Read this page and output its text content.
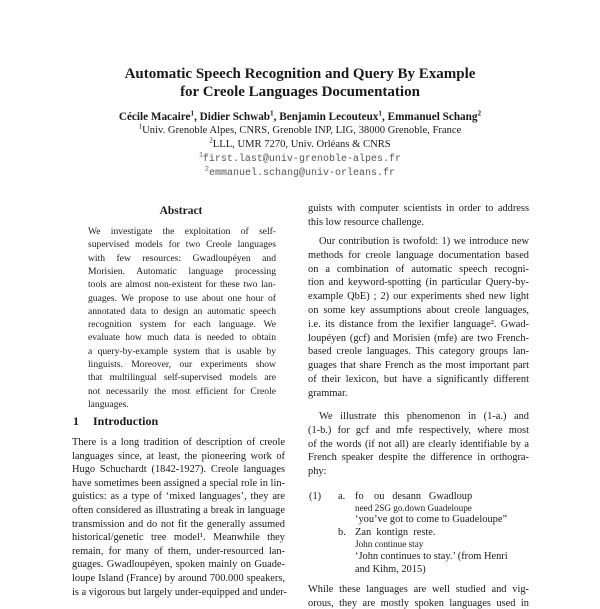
Automatic Speech Recognition and Query By Example
for Creole Languages Documentation
Cécile Macaire$^1$, Didier Schwab$^1$, Benjamin Lecouteux$^1$, Emmanuel Schang$^2$
$^1$Univ. Grenoble Alpes, CNRS, Grenoble INP, LIG, 38000 Grenoble, France
$^2$LLL, UMR 7270, Univ. Orléans & CNRS
$^1$first.last@univ-grenoble-alpes.fr
$^2$emmanuel.schang@univ-orleans.fr
Abstract
We investigate the exploitation of self-
supervised models for two Creole languages
with few resources: Gwadloupéyen and
Morisien. Automatic language processing
tools are almost non-existent for these two lan-
guages. We propose to use about one hour of
annotated data to design an automatic speech
recognition system for each language. We
evaluate how much data is needed to obtain
a query-by-example system that is usable by
linguists. Moreover, our experiments show
that multilingual self-supervised models are
not necessarily the most efficient for Creole
languages.
1 Introduction
There is a long tradition of description of creole
languages since, at least, the pioneering work of
Hugo Schuchardt (1842-1927). Creole languages
have sometimes been assigned a special role in lin-
guistics: as a type of ‘mixed languages’, they are
often considered as illustrating a break in language
transmission and do not fit the generally assumed
historical/genetic tree model¹. Meanwhile they
remain, for many of them, under-resourced lan-
guages. Gwadloupéyen, spoken mainly on Guade-
loupe Island (France) by around 700.000 speakers,
is a vigorous but largely under-equipped and under-
guists with computer scientists in order to address
this low resource challenge.
Our contribution is twofold: 1) we introduce new
methods for creole language documentation based
on a combination of automatic speech recogni-
tion and keyword-spotting (in particular Query-by-
example QbE) ; 2) our experiments shed new light
on some key assumptions about creole languages,
i.e. its distance from the lexifier language². Gwad-
loupéyen (gcf) and Morisien (mfe) are two French-
based creole languages. This category groups lan-
guages that share French as the most important part
of their lexicon, but have a significantly different
grammar.
We illustrate this phenomenon in (1-a.) and
(1-b.) for gcf and mfe respectively, where most
of the words (if not all) are clearly identifiable by a
French speaker despite the difference in orthogra-
phy:
While these languages are well studied and vig-
orous, they are mostly spoken languages used in
(1) a. fo    ou   desann   Gwadloup
need 2SG go.down Guadeloupe
‘you’ve got to come to Guadeloupe”
b. Zan  kontign  reste.
John continue stay
‘John continues to stay.’ (from Henri
and Kihm, 2015)
